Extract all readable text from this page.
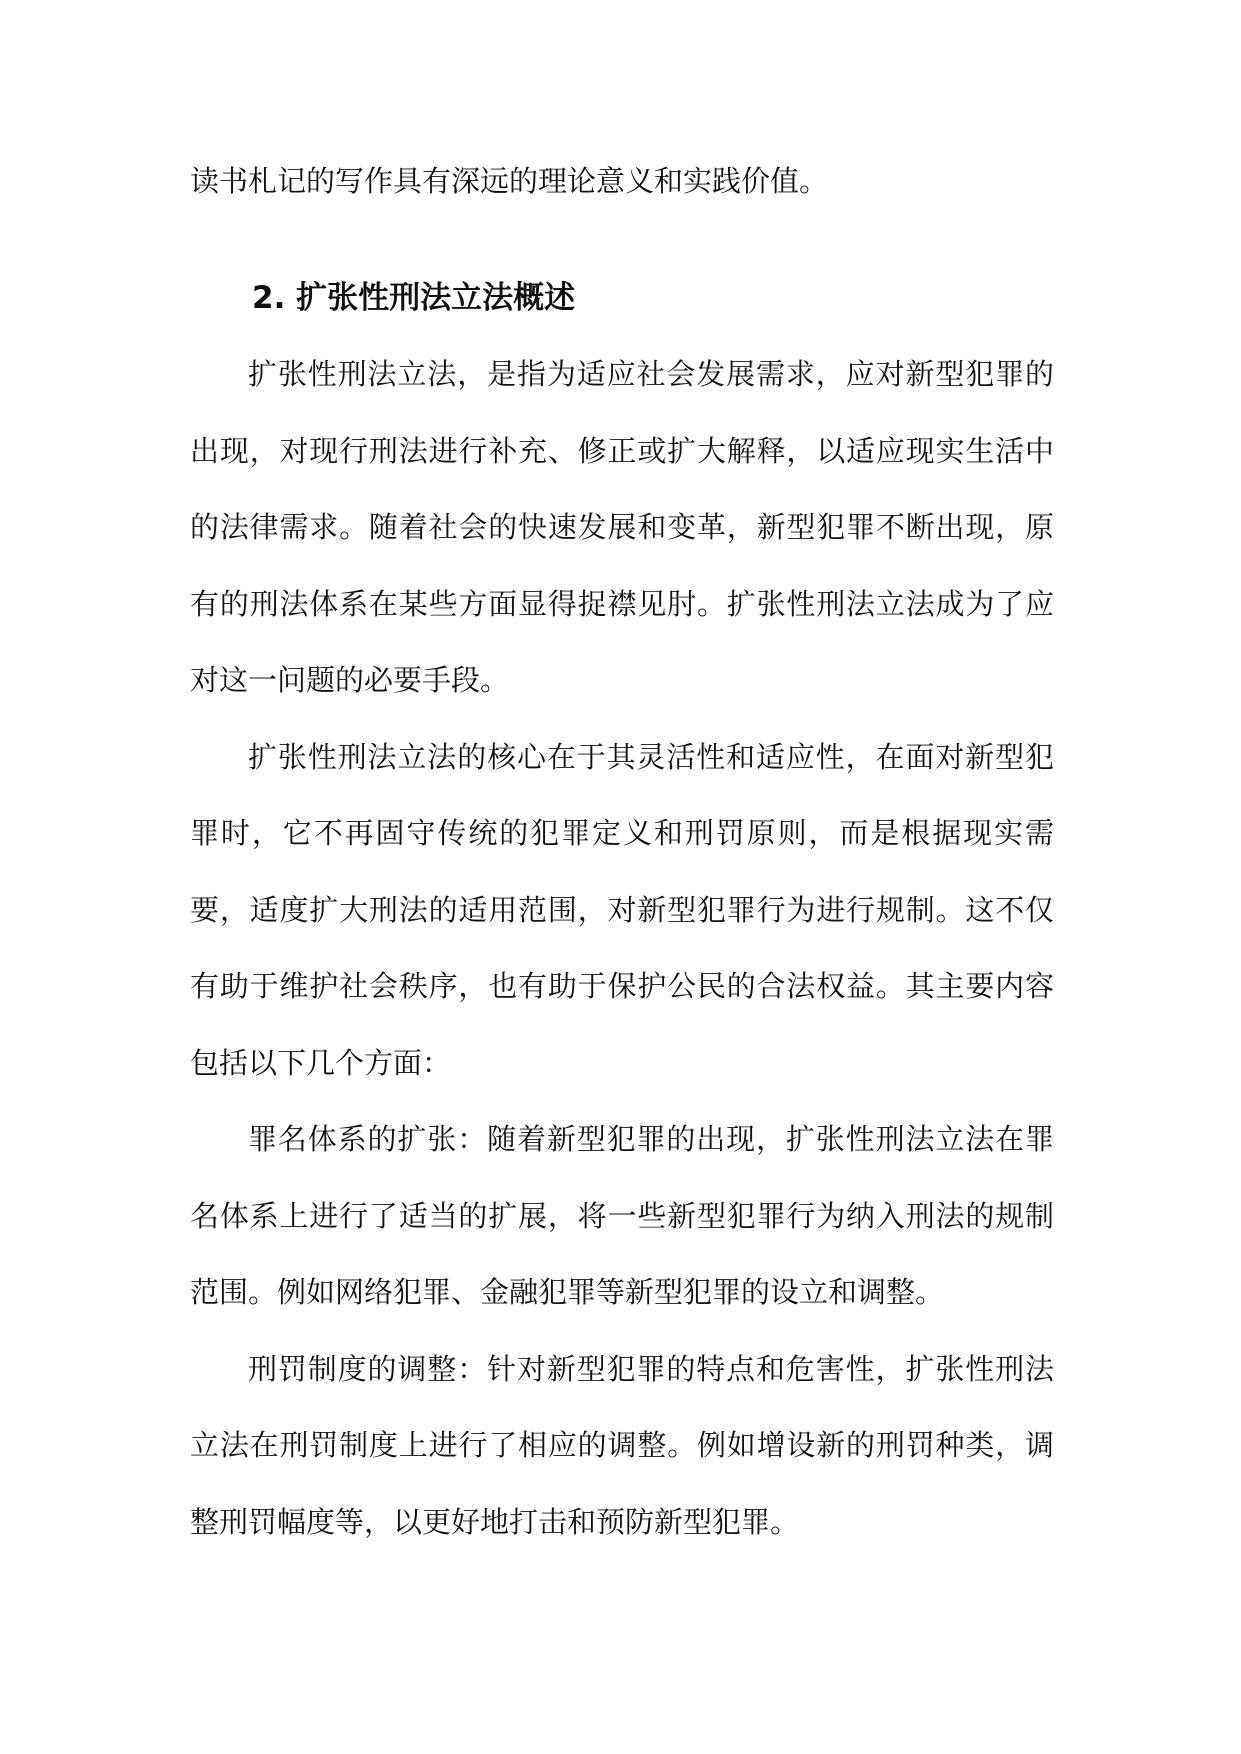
读书札记的写作具有深远的理论意义和实践价值。

2. 扩张性刑法立法概述

扩张性刑法立法，是指为适应社会发展需求，应对新型犯罪的出现，对现行刑法进行补充、修正或扩大解释，以适应现实生活中的法律需求。随着社会的快速发展和变革，新型犯罪不断出现，原有的刑法体系在某些方面显得捉襟见肘。扩张性刑法立法成为了应对这一问题的必要手段。

扩张性刑法立法的核心在于其灵活性和适应性，在面对新型犯罪时，它不再固守传统的犯罪定义和刑罚原则，而是根据现实需要，适度扩大刑法的适用范围，对新型犯罪行为进行规制。这不仅有助于维护社会秩序，也有助于保护公民的合法权益。其主要内容包括以下几个方面：

罪名体系的扩张：随着新型犯罪的出现，扩张性刑法立法在罪名体系上进行了适当的扩展，将一些新型犯罪行为纳入刑法的规制范围。例如网络犯罪、金融犯罪等新型犯罪的设立和调整。

刑罚制度的调整：针对新型犯罪的特点和危害性，扩张性刑法立法在刑罚制度上进行了相应的调整。例如增设新的刑罚种类，调整刑罚幅度等，以更好地打击和预防新型犯罪。
